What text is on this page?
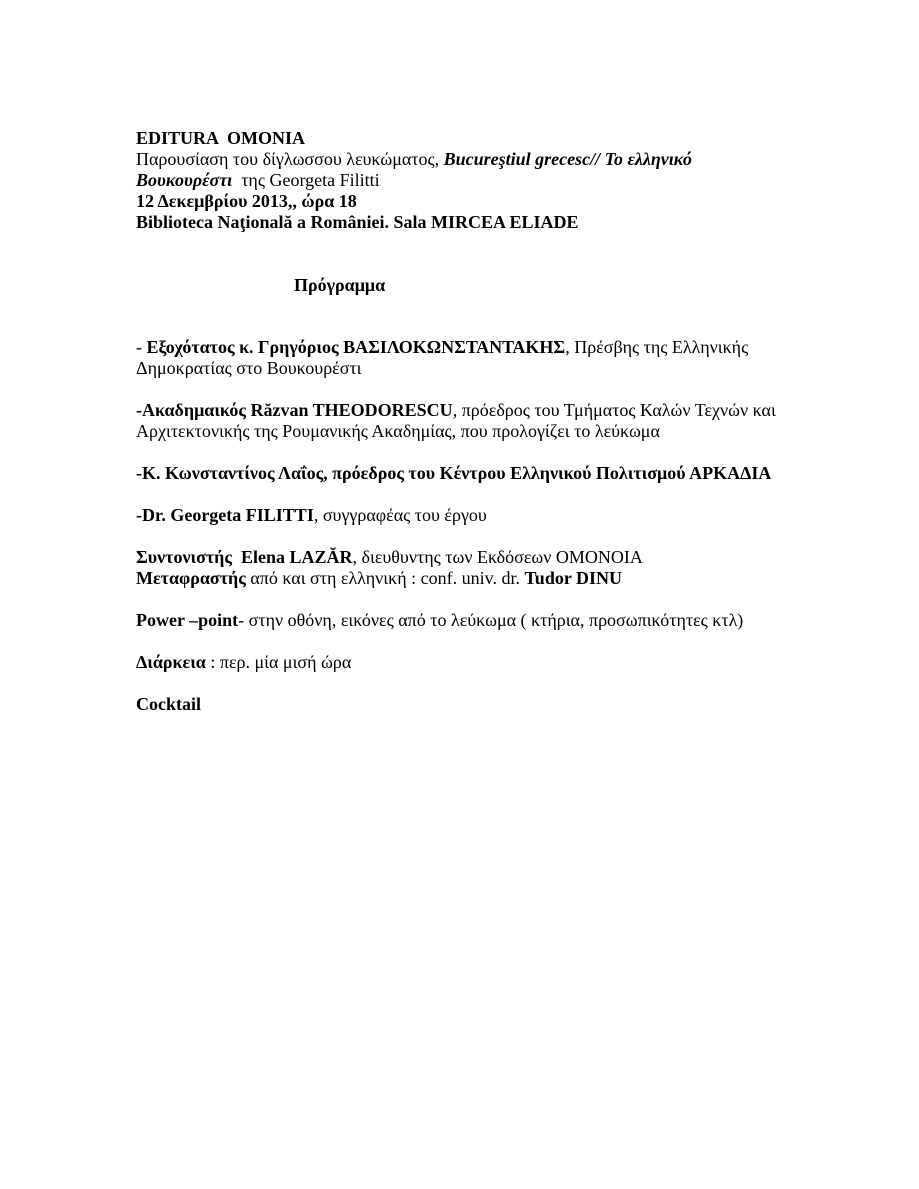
EDITURA  OMONIA

Παρουσίαση του δίγλωσσου λευκώματος, Bucureştiul grecesc// Το ελληνικό

Βουκουρέστι  της Georgeta Filitti

12 Δεκεμβρίου 2013,, ώρα 18

Biblioteca Naţională a României. Sala MIRCEA ELIADE

Πρόγραμμα

- Εξοχότατος κ. Γρηγόριος ΒΑΣΙΛΟΚΩΝΣΤΑΝΤΑΚΗΣ, Πρέσβης της Ελληνικής Δημοκρατίας στο Βουκουρέστι

-Ακαδημαικός Răzvan THEODORESCU, πρόεδρος του Τμήματος Καλών Τεχνών και Αρχιτεκτονικής της Ρουμανικής Ακαδημίας, που προλογίζει το λεύκωμα

-Κ. Κωνσταντίνος Λαΐος, πρόεδρος του Κέντρου Ελληνικού Πολιτισμού ΑΡΚΑΔΙΑ

-Dr. Georgeta FILITTI, συγγραφέας του έργου

Συντονιστής  Elena LAZĂR, διευθυντης των Εκδόσεων ΟΜΟΝΟΙΑ
Μεταφραστής από και στη ελληνική : conf. univ. dr. Tudor DINU

Power –point- στην οθόνη, εικόνες από το λεύκωμα ( κτήρια, προσωπικότητες κτλ)

Διάρκεια : περ. μία μισή ώρα

Cocktail
